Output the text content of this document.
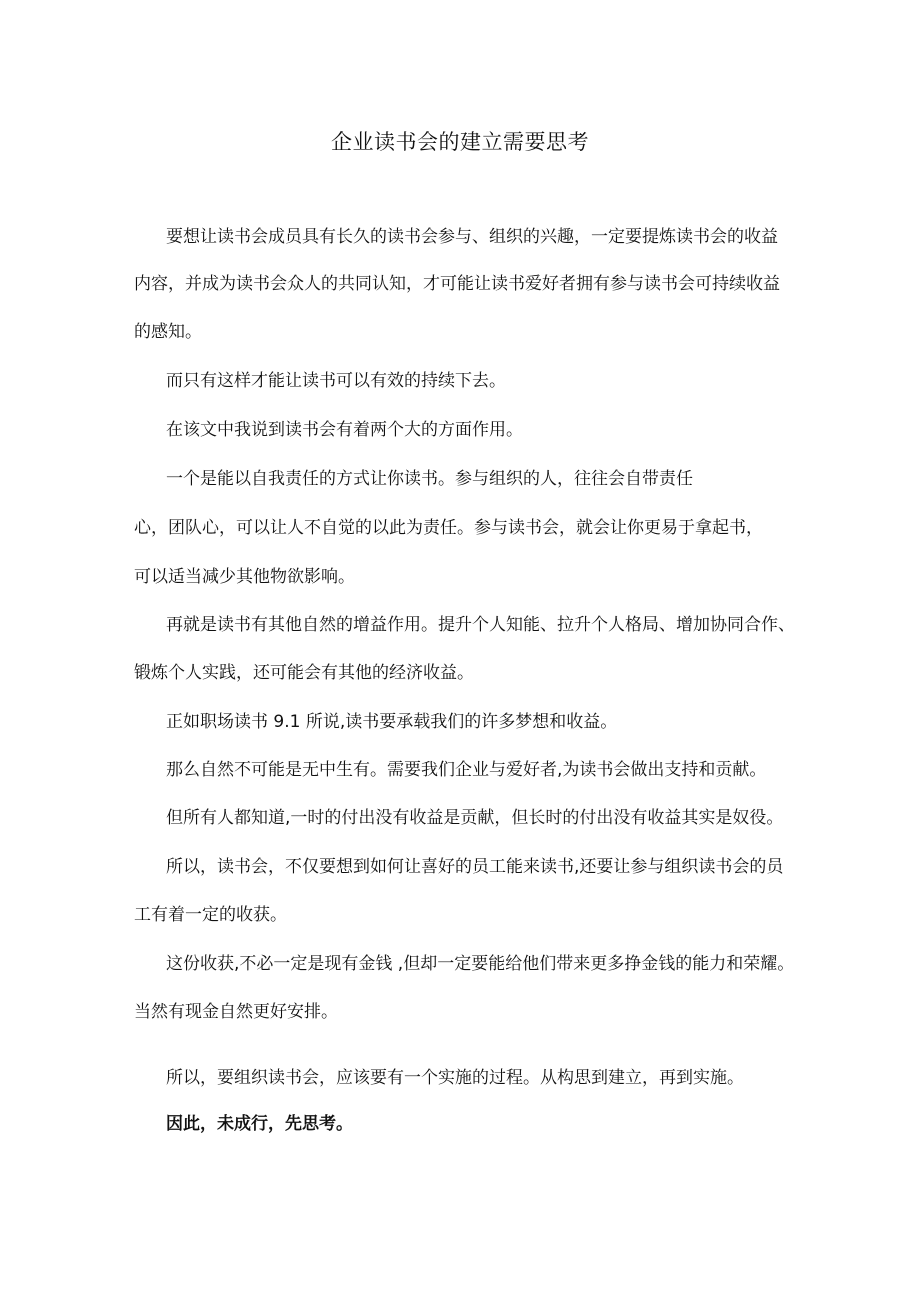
企业读书会的建立需要思考
要想让读书会成员具有长久的读书会参与、组织的兴趣，一定要提炼读书会的收益
内容，并成为读书会众人的共同认知，才可能让读书爱好者拥有参与读书会可持续收益
的感知。
而只有这样才能让读书可以有效的持续下去。
在该文中我说到读书会有着两个大的方面作用。
一个是能以自我责任的方式让你读书。参与组织的人，往往会自带责任
心，团队心，可以让人不自觉的以此为责任。参与读书会，就会让你更易于拿起书，
可以适当减少其他物欲影响。
再就是读书有其他自然的增益作用。提升个人知能、拉升个人格局、增加协同合作、
锻炼个人实践，还可能会有其他的经济收益。
正如职场读书 9.1 所说,读书要承载我们的许多梦想和收益。
那么自然不可能是无中生有。需要我们企业与爱好者,为读书会做出支持和贡献。
但所有人都知道,一时的付出没有收益是贡献，但长时的付出没有收益其实是奴役。
所以，读书会，不仅要想到如何让喜好的员工能来读书,还要让参与组织读书会的员
工有着一定的收获。
这份收获,不必一定是现有金钱 ,但却一定要能给他们带来更多挣金钱的能力和荣耀。
当然有现金自然更好安排。
所以，要组织读书会，应该要有一个实施的过程。从构思到建立，再到实施。
因此，未成行，先思考。
